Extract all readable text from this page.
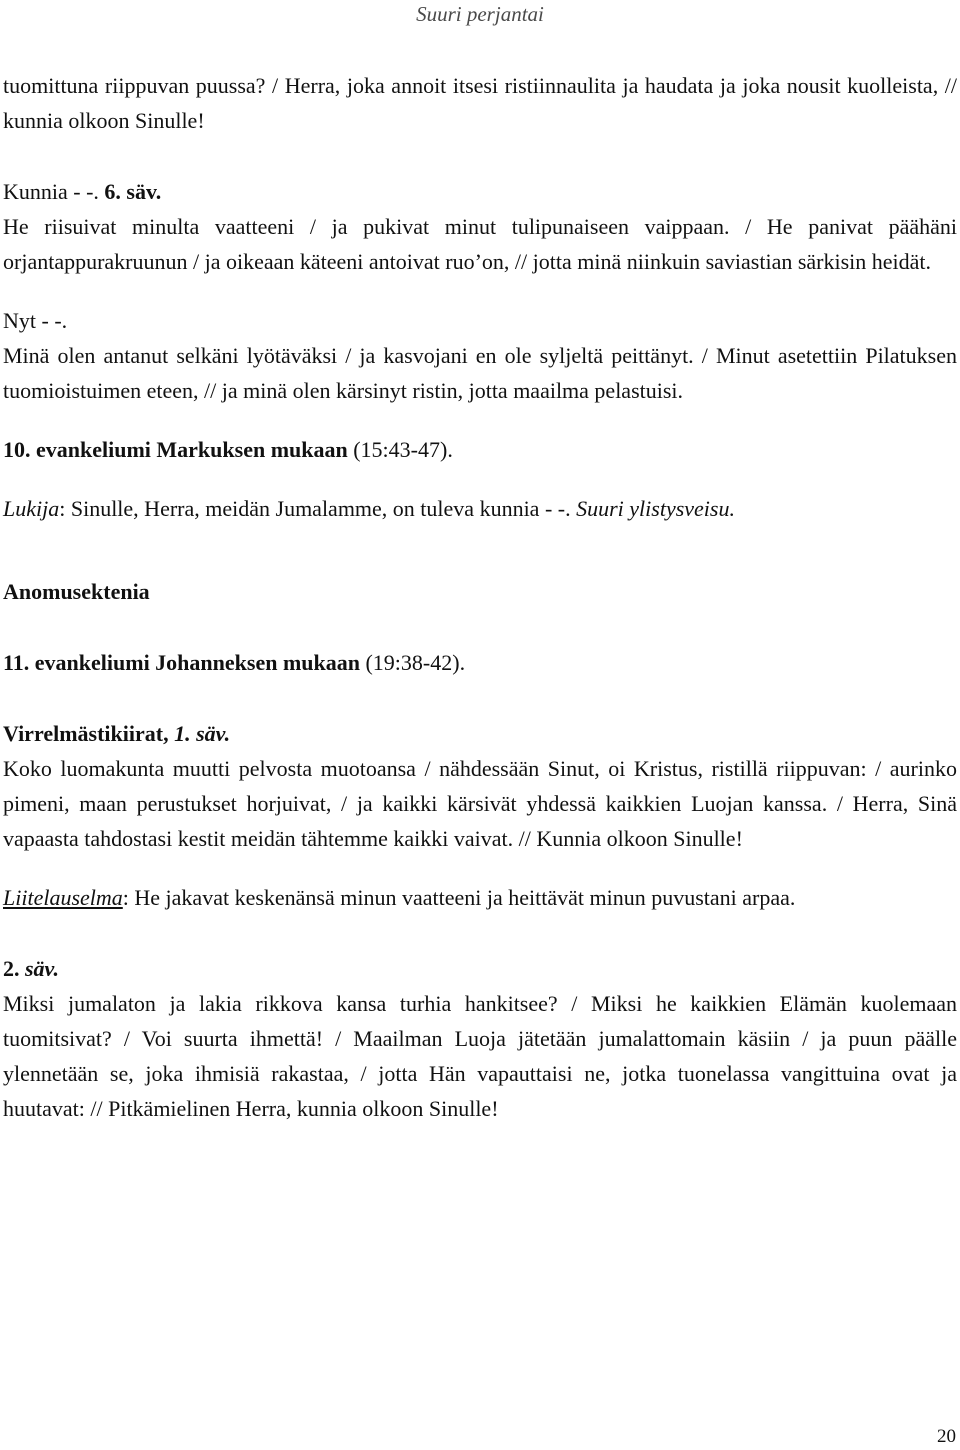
Suuri perjantai

tuomittuna riippuvan puussa? / Herra, joka annoit itsesi ristiinnaulita ja haudata ja joka nousit kuolleista, // kunnia olkoon Sinulle!

Kunnia - -. 6. säv.

He riisuivat minulta vaatteeni / ja pukivat minut tulipunaiseen vaippaan. / He panivat päähäni orjantappurakruunun / ja oikeaan käteeni antoivat ruo’on, // jotta minä niinkuin saviastian särkisin heidät.

Nyt - -.

Minä olen antanut selkäni lyötäväksi / ja kasvojani en ole syljeltä peittänyt. / Minut asetettiin Pilatuksen tuomioistuimen eteen, // ja minä olen kärsinyt ristin, jotta maailma pelastuisi.

10. evankeliumi Markuksen mukaan (15:43-47).

Lukija: Sinulle, Herra, meidän Jumalamme, on tuleva kunnia - -. Suuri ylistysveisu.

Anomusektenia

11. evankeliumi Johanneksen mukaan (19:38-42).

Virrelmästikiirat, 1. säv.

Koko luomakunta muutti pelvosta muotoansa / nähdessään Sinut, oi Kristus, ristillä riippuvan: / aurinko pimeni, maan perustukset horjuivat, / ja kaikki kärsivät yhdessä kaikkien Luojan kanssa. / Herra, Sinä vapaasta tahdostasi kestit meidän tähtemme kaikki vaivat. // Kunnia olkoon Sinulle!

Liitelauselma: He jakavat keskenänsä minun vaatteeni ja heittävät minun puvustani arpaa.

2. säv.

Miksi jumalaton ja lakia rikkova kansa turhia hankitsee? / Miksi he kaikkien Elämän kuolemaan tuomitsivat? / Voi suurta ihmettä! / Maailman Luoja jätetään jumalattomain käsiin / ja puun päälle ylennetään se, joka ihmisiä rakastaa, / jotta Hän vapauttaisi ne, jotka tuonelassa vangittuina ovat ja huutavat: // Pitkämielinen Herra, kunnia olkoon Sinulle!

20
